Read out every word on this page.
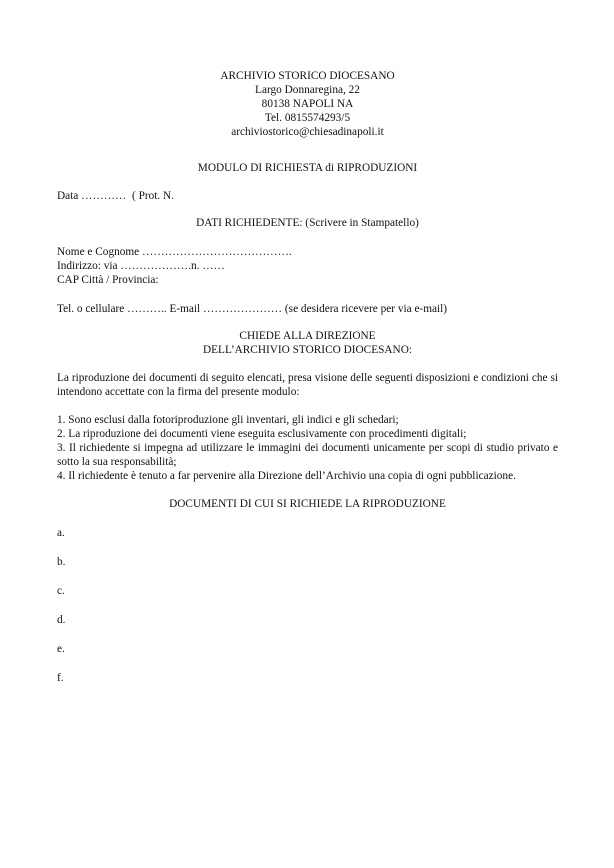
ARCHIVIO STORICO DIOCESANO
Largo Donnaregina, 22
80138 NAPOLI NA
Tel. 0815574293/5
archiviostorico@chiesadinapoli.it
MODULO DI RICHIESTA di RIPRODUZIONI
Data …………  ( Prot. N.
DATI RICHIEDENTE: (Scrivere in Stampatello)
Nome e Cognome ………………………………….
Indirizzo: via ……………….n. ……
CAP Città / Provincia:
Tel. o cellulare ……….. E-mail ………………… (se desidera ricevere per via e-mail)
CHIEDE ALLA DIREZIONE
DELL’ARCHIVIO STORICO DIOCESANO:
La riproduzione dei documenti di seguito elencati, presa visione delle seguenti disposizioni e condizioni che si intendono accettate con la firma del presente modulo:
1. Sono esclusi dalla fotoriproduzione gli inventari, gli indici e gli schedari;
2. La riproduzione dei documenti viene eseguita esclusivamente con procedimenti digitali;
3. Il richiedente si impegna ad utilizzare le immagini dei documenti unicamente per scopi di studio privato e sotto la sua responsabilità;
4. Il richiedente è tenuto a far pervenire alla Direzione dell’Archivio una copia di ogni pubblicazione.
DOCUMENTI DI CUI SI RICHIEDE LA RIPRODUZIONE
a.
b.
c.
d.
e.
f.
